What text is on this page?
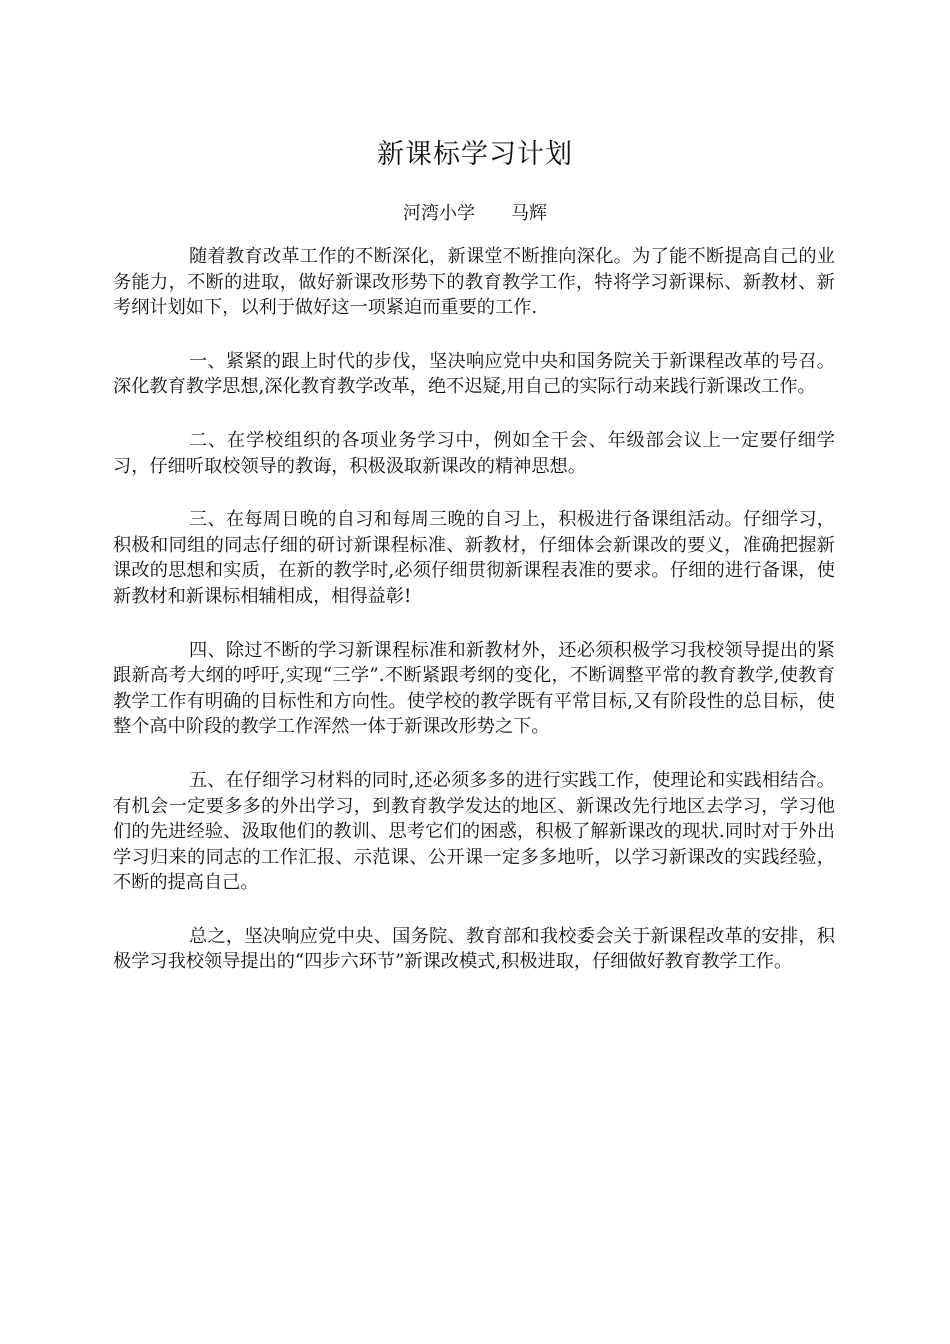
新课标学习计划

河湾小学 马辉

随着教育改革工作的不断深化，新课堂不断推向深化。为了能不断提高自己的业务能力，不断的进取，做好新课改形势下的教育教学工作，特将学习新课标、新教材、新考纲计划如下，以利于做好这一项紧迫而重要的工作.

一、紧紧的跟上时代的步伐，坚决响应党中央和国务院关于新课程改革的号召。深化教育教学思想,深化教育教学改革，绝不迟疑,用自己的实际行动来践行新课改工作。

二、在学校组织的各项业务学习中，例如全干会、年级部会议上一定要仔细学习，仔细听取校领导的教诲，积极汲取新课改的精神思想。

三、在每周日晚的自习和每周三晚的自习上，积极进行备课组活动。仔细学习，积极和同组的同志仔细的研讨新课程标准、新教材，仔细体会新课改的要义，准确把握新课改的思想和实质，在新的教学时,必须仔细贯彻新课程表准的要求。仔细的进行备课，使新教材和新课标相辅相成，相得益彰!

四、除过不断的学习新课程标准和新教材外，还必须积极学习我校领导提出的紧跟新高考大纲的呼吁,实现“三学”.不断紧跟考纲的变化，不断调整平常的教育教学,使教育教学工作有明确的目标性和方向性。使学校的教学既有平常目标,又有阶段性的总目标，使整个高中阶段的教学工作浑然一体于新课改形势之下。

五、在仔细学习材料的同时,还必须多多的进行实践工作，使理论和实践相结合。有机会一定要多多的外出学习，到教育教学发达的地区、新课改先行地区去学习，学习他们的先进经验、汲取他们的教训、思考它们的困惑，积极了解新课改的现状.同时对于外出学习归来的同志的工作汇报、示范课、公开课一定多多地听，以学习新课改的实践经验，不断的提高自己。

总之，坚决响应党中央、国务院、教育部和我校委会关于新课程改革的安排，积极学习我校领导提出的“四步六环节”新课改模式,积极进取，仔细做好教育教学工作。
